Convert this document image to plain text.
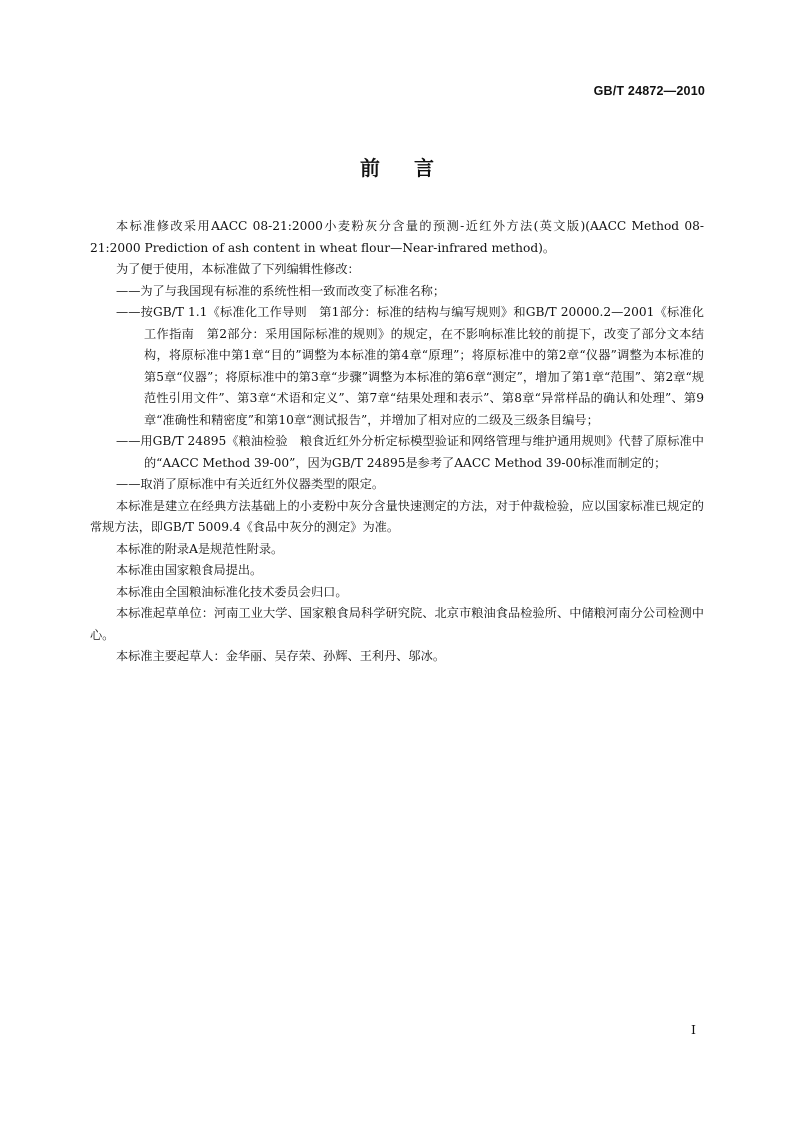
GB/T 24872—2010
前言

本标准修改采用AACC 08-21:2000小麦粉灰分含量的预测-近红外方法(英文版)(AACC Method 08-21:2000 Prediction of ash content in wheat flour—Near-infrared method)。

为了便于使用，本标准做了下列编辑性修改：

——为了与我国现有标准的系统性相一致而改变了标准名称；

——按GB/T 1.1《标准化工作导则　第1部分：标准的结构与编写规则》和GB/T 20000.2—2001《标准化工作指南　第2部分：采用国际标准的规则》的规定，在不影响标准比较的前提下，改变了部分文本结构，将原标准中第1章“目的”调整为本标准的第4章“原理”；将原标准中的第2章“仪器”调整为本标准的第5章“仪器”；将原标准中的第3章“步骤”调整为本标准的第6章“测定”，增加了第1章“范围”、第2章“规范性引用文件”、第3章“术语和定义”、第7章“结果处理和表示”、第8章“异常样品的确认和处理”、第9章“准确性和精密度”和第10章“测试报告”，并增加了相对应的二级及三级条目编号；

——用GB/T 24895《粮油检验　粮食近红外分析定标模型验证和网络管理与维护通用规则》代替了原标准中的“AACC Method 39-00”，因为GB/T 24895是参考了AACC Method 39-00标准而制定的；

——取消了原标准中有关近红外仪器类型的限定。

本标准是建立在经典方法基础上的小麦粉中灰分含量快速测定的方法，对于仲裁检验，应以国家标准已规定的常规方法，即GB/T 5009.4《食品中灰分的测定》为准。

本标准的附录A是规范性附录。

本标准由国家粮食局提出。

本标准由全国粮油标准化技术委员会归口。

本标准起草单位：河南工业大学、国家粮食局科学研究院、北京市粮油食品检验所、中储粮河南分公司检测中心。

本标准主要起草人：金华丽、吴存荣、孙辉、王利丹、邬冰。

I
